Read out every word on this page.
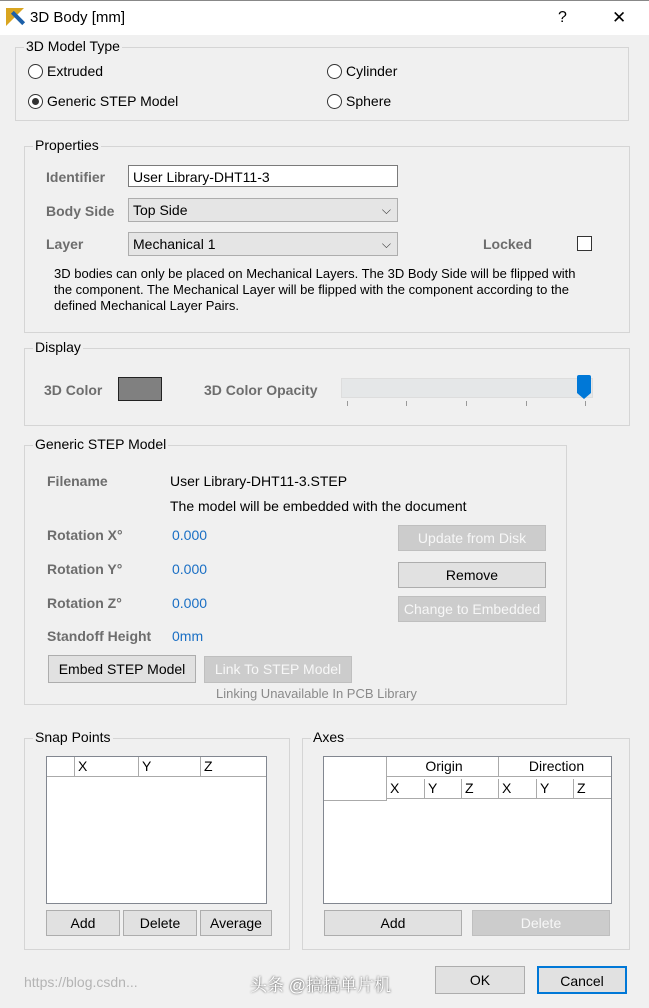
3D Body [mm]	?	✕
3D Model Type
Extruded	Cylinder
Generic STEP Model	Sphere
Properties
Identifier	User Library-DHT11-3
Body Side	Top Side	⌵
Layer	Mechanical 1	⌵	Locked
3D bodies can only be placed on Mechanical Layers. The 3D Body Side will be flipped with
the component. The Mechanical Layer will be flipped with the component according to the
defined Mechanical Layer Pairs.
Display
3D Color	3D Color Opacity
Generic STEP Model
Filename	User Library-DHT11-3.STEP
The model will be embedded with the document
Rotation X°	0.000
Rotation Y°	0.000
Rotation Z°	0.000
Standoff Height 0mm
Update from Disk
Remove
Change to Embedded
Embed STEP Model	Link To STEP Model
Linking Unavailable In PCB Library
Snap Points
X	Y	Z
Add	Delete	Average
Axes
Origin	Direction
X	Y	Z	X	Y	Z
Add	Delete
OK	Cancel
https://blog.csdn...	头条 @搞搞单片机
